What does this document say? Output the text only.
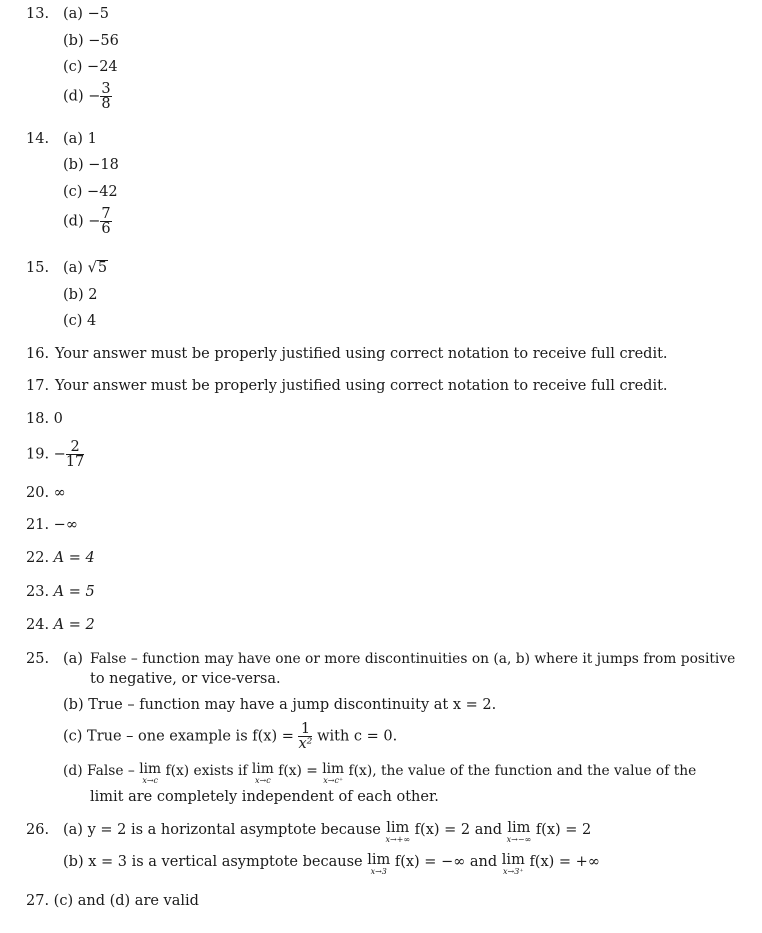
13. (a) −5
(b) −56
(c) −24
$(d) - \frac{3}{8}$
14. (a) 1
(b) −18
(c) −42
$(d) - \frac{7}{6}$
15. (a) √5
(b) 2
(c) 4
16. Your answer must be properly justified using correct notation to receive full credit.
17. Your answer must be properly justified using correct notation to receive full credit.
18. 0
19. − $\frac{2}{17}$
20. ∞
21. −∞
22. A = 4
23. A = 5
24. A = 2
25. (a) False – function may have one or more discontinuities on (a, b) where it jumps from positive
to negative, or vice-versa.
(b) True – function may have a jump discontinuity at x = 2.
(c) True – one example is $f(x) = \frac{1}{\text{x²}}$ with c = 0.
(d) False – lim
x→c
f(x) exists if lim
x→c
f(x) = lim
x→c⁺
f(x), the value of the function and the value of the
limit are completely independent of each other.
26. (a) y = 2 is a horizontal asymptote because lim
x→+∞
f(x) = 2 and lim
x→−∞
f(x) = 2
(b) x = 3 is a vertical asymptote because lim
x→3
f(x) = −∞ and lim
x→3⁺
f(x) = +∞
27. (c) and (d) are valid
